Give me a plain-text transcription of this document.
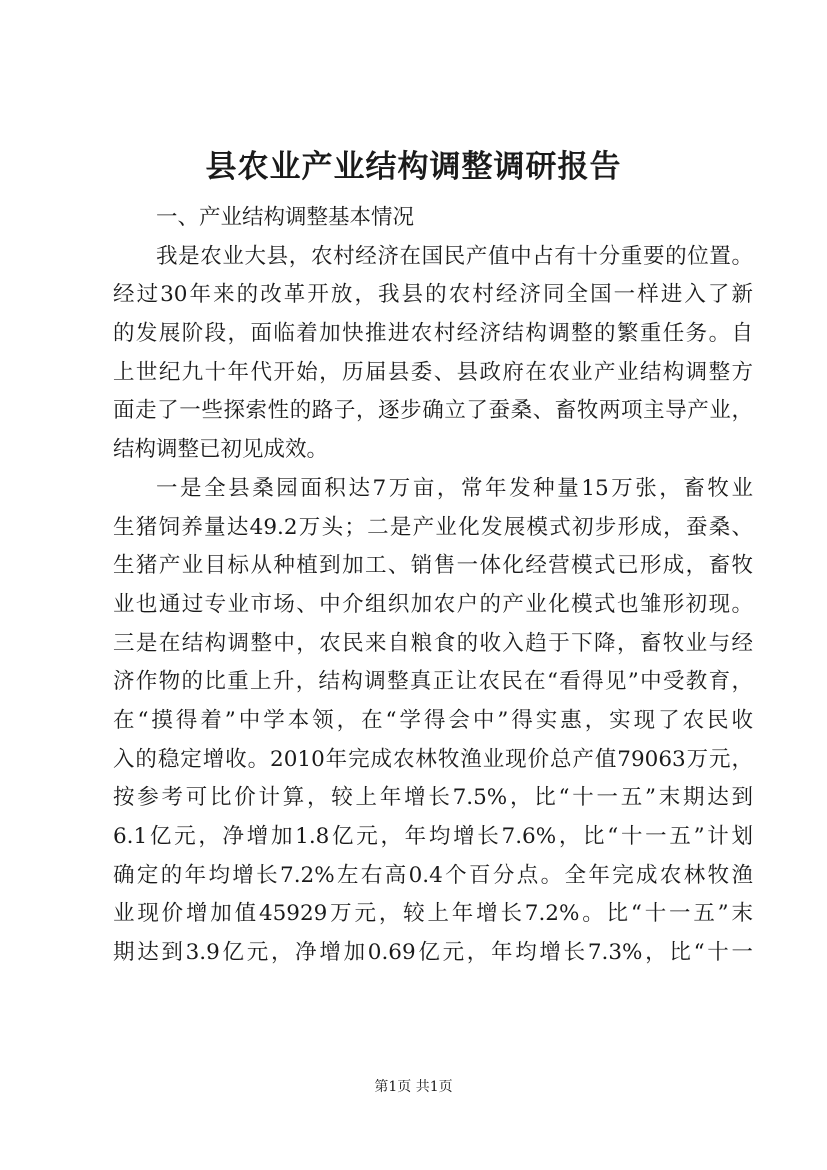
县农业产业结构调整调研报告
一、产业结构调整基本情况
我是农业大县，农村经济在国民产值中占有十分重要的位置。
经过30年来的改革开放，我县的农村经济同全国一样进入了新
的发展阶段，面临着加快推进农村经济结构调整的繁重任务。自
上世纪九十年代开始，历届县委、县政府在农业产业结构调整方
面走了一些探索性的路子，逐步确立了蚕桑、畜牧两项主导产业，
结构调整已初见成效。
一是全县桑园面积达7万亩，常年发种量15万张，畜牧业
生猪饲养量达49.2万头；二是产业化发展模式初步形成，蚕桑、
生猪产业目标从种植到加工、销售一体化经营模式已形成，畜牧
业也通过专业市场、中介组织加农户的产业化模式也雏形初现。
三是在结构调整中，农民来自粮食的收入趋于下降，畜牧业与经
济作物的比重上升，结构调整真正让农民在“看得见”中受教育，
在“摸得着”中学本领，在“学得会中”得实惠，实现了农民收
入的稳定增收。2010年完成农林牧渔业现价总产值79063万元，
按参考可比价计算，较上年增长7.5%，比“十一五”末期达到
6.1亿元，净增加1.8亿元，年均增长7.6%，比“十一五”计划
确定的年均增长7.2%左右高0.4个百分点。全年完成农林牧渔
业现价增加值45929万元，较上年增长7.2%。比“十一五”末
期达到3.9亿元，净增加0.69亿元，年均增长7.3%，比“十一
第1页 共1页
